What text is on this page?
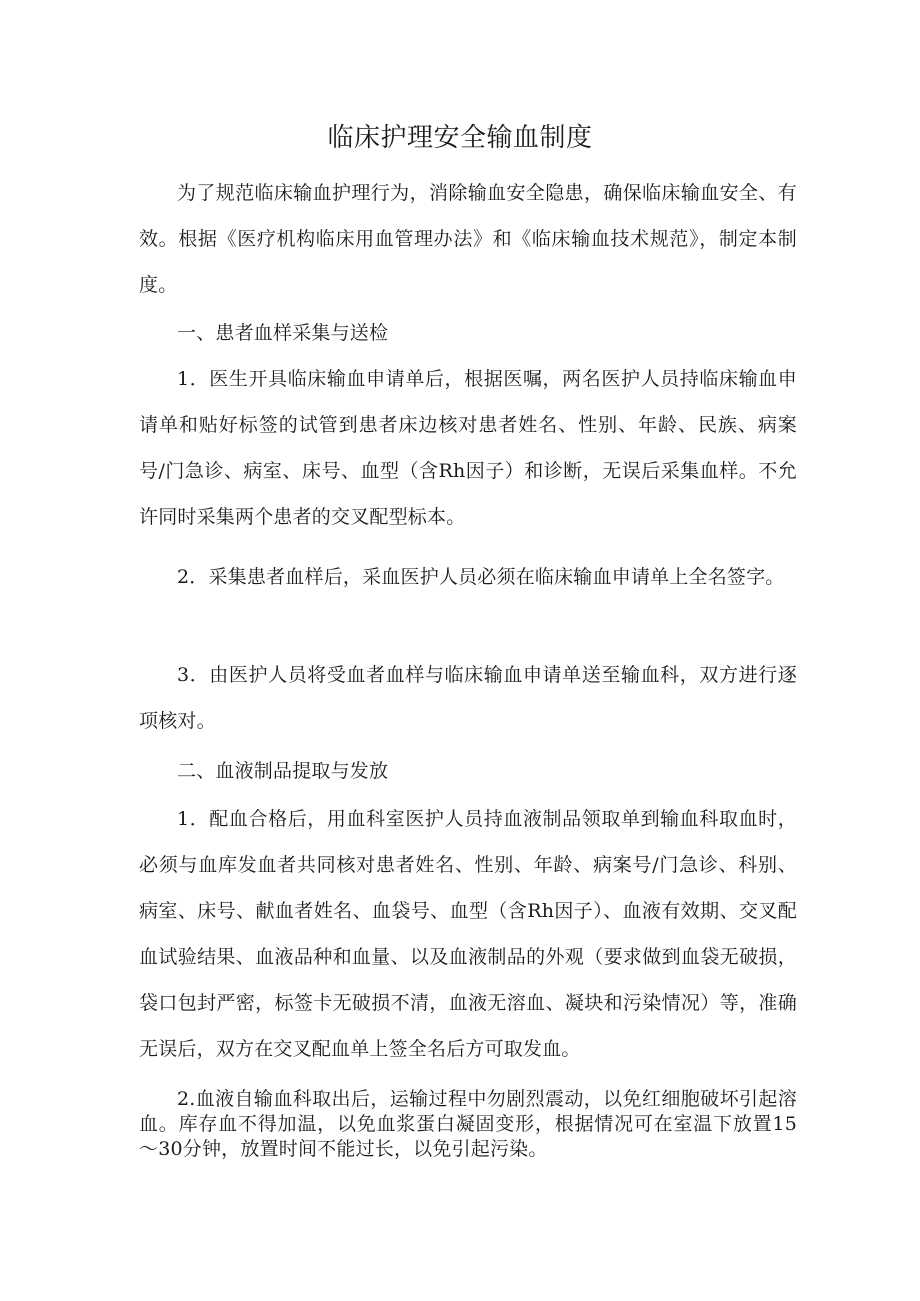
临床护理安全输血制度

为了规范临床输血护理行为，消除输血安全隐患，确保临床输血安全、有效。根据《医疗机构临床用血管理办法》和《临床输血技术规范》，制定本制度。

一、患者血样采集与送检

1．医生开具临床输血申请单后，根据医嘱，两名医护人员持临床输血申请单和贴好标签的试管到患者床边核对患者姓名、性别、年龄、民族、病案号/门急诊、病室、床号、血型（含Rh因子）和诊断，无误后采集血样。不允许同时采集两个患者的交叉配型标本。

2．采集患者血样后，采血医护人员必须在临床输血申请单上全名签字。

3．由医护人员将受血者血样与临床输血申请单送至输血科，双方进行逐项核对。

二、血液制品提取与发放

1．配血合格后，用血科室医护人员持血液制品领取单到输血科取血时，必须与血库发血者共同核对患者姓名、性别、年龄、病案号/门急诊、科别、病室、床号、献血者姓名、血袋号、血型（含Rh因子）、血液有效期、交叉配血试验结果、血液品种和血量、以及血液制品的外观（要求做到血袋无破损，袋口包封严密，标签卡无破损不清，血液无溶血、凝块和污染情况）等，准确无误后，双方在交叉配血单上签全名后方可取发血。

2.血液自输血科取出后，运输过程中勿剧烈震动，以免红细胞破坏引起溶血。库存血不得加温，以免血浆蛋白凝固变形，根据情况可在室温下放置15～30分钟，放置时间不能过长，以免引起污染。
